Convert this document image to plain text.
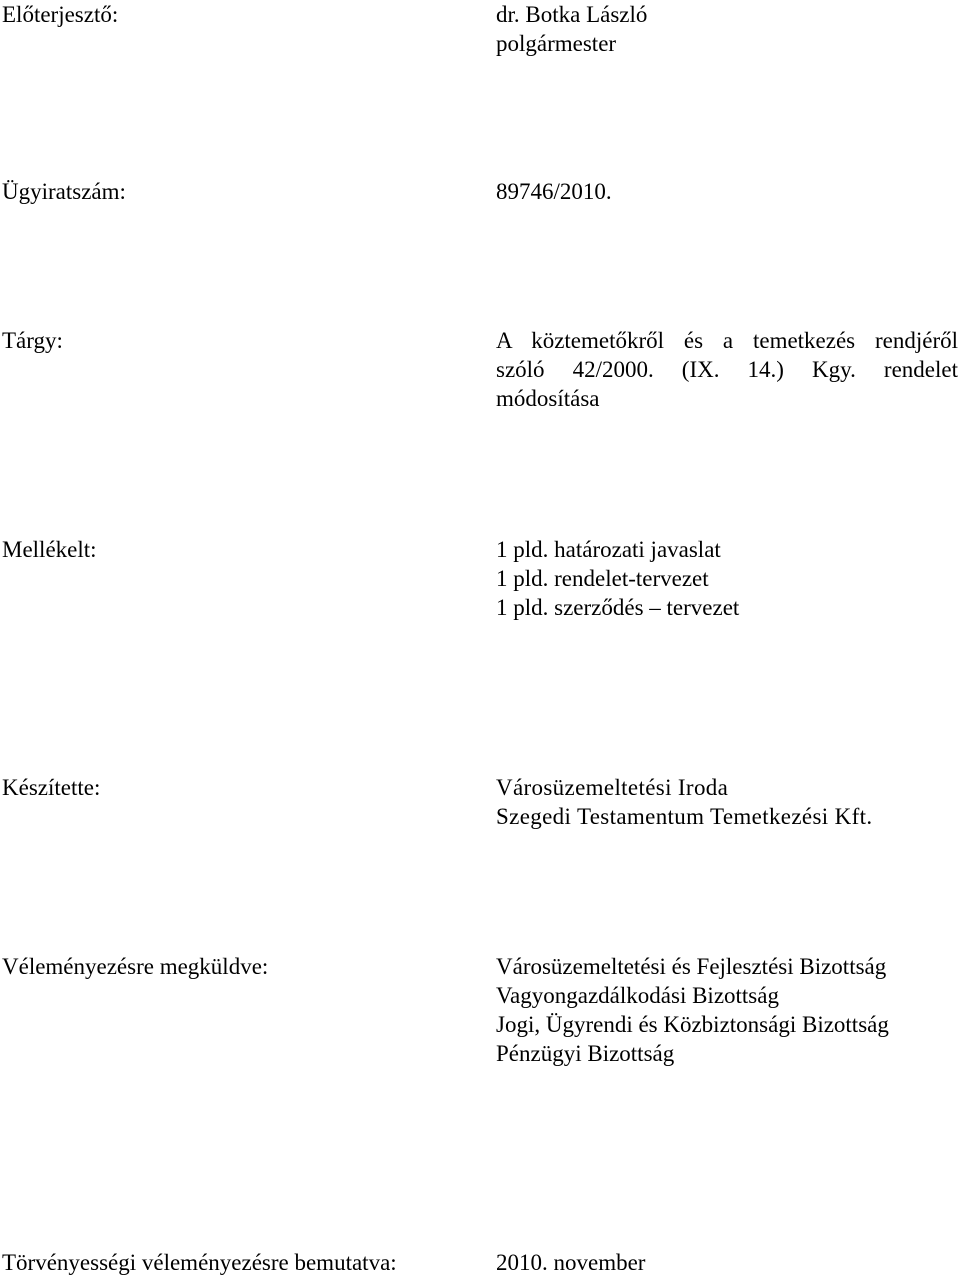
Előterjesztő:	dr. Botka László
polgármester
Ügyiratszám:	89746/2010.
Tárgy:	A köztemetőkről és a temetkezés rendjéről
szóló 42/2000. (IX. 14.) Kgy. rendelet
módosítása
Mellékelt:	1 pld. határozati javaslat
1 pld. rendelet-tervezet
1 pld. szerződés – tervezet
Készítette:	Városüzemeltetési Iroda
Szegedi Testamentum Temetkezési Kft.
Véleményezésre megküldve:	Városüzemeltetési és Fejlesztési Bizottság
Vagyongazdálkodási Bizottság
Jogi, Ügyrendi és Közbiztonsági Bizottság
Pénzügyi Bizottság
Törvényességi véleményezésre bemutatva:	2010. november
